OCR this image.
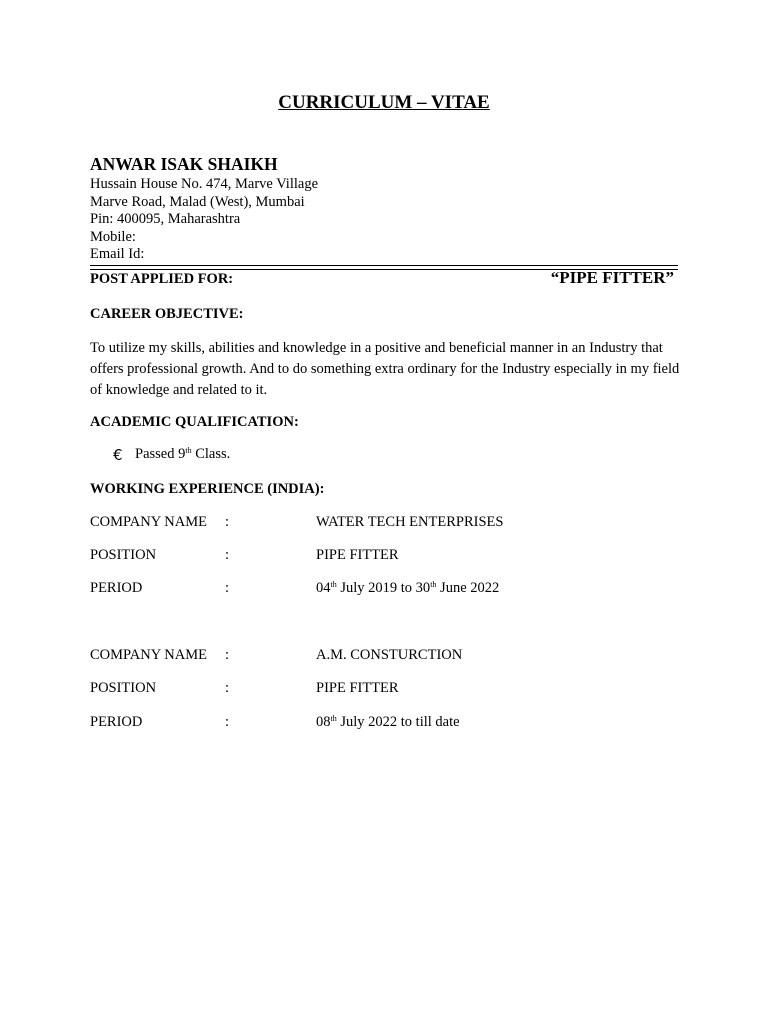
CURRICULUM – VITAE
ANWAR ISAK SHAIKH
Hussain House No. 474, Marve Village
Marve Road, Malad (West), Mumbai
Pin: 400095, Maharashtra
Mobile:
Email Id:
POST APPLIED FOR:	“PIPE FITTER”
CAREER OBJECTIVE:
To utilize my skills, abilities and knowledge in a positive and beneficial manner in an Industry that offers professional growth. And to do something extra ordinary for the Industry especially in my field of knowledge and related to it.
ACADEMIC QUALIFICATION:
€ Passed 9th Class.
WORKING EXPERIENCE (INDIA):
COMPANY NAME :	WATER TECH ENTERPRISES
POSITION	:	PIPE FITTER
PERIOD	:	04th July 2019 to 30th June 2022
COMPANY NAME :	A.M. CONSTURCTION
POSITION	:	PIPE FITTER
PERIOD	:	08th July 2022 to till date
